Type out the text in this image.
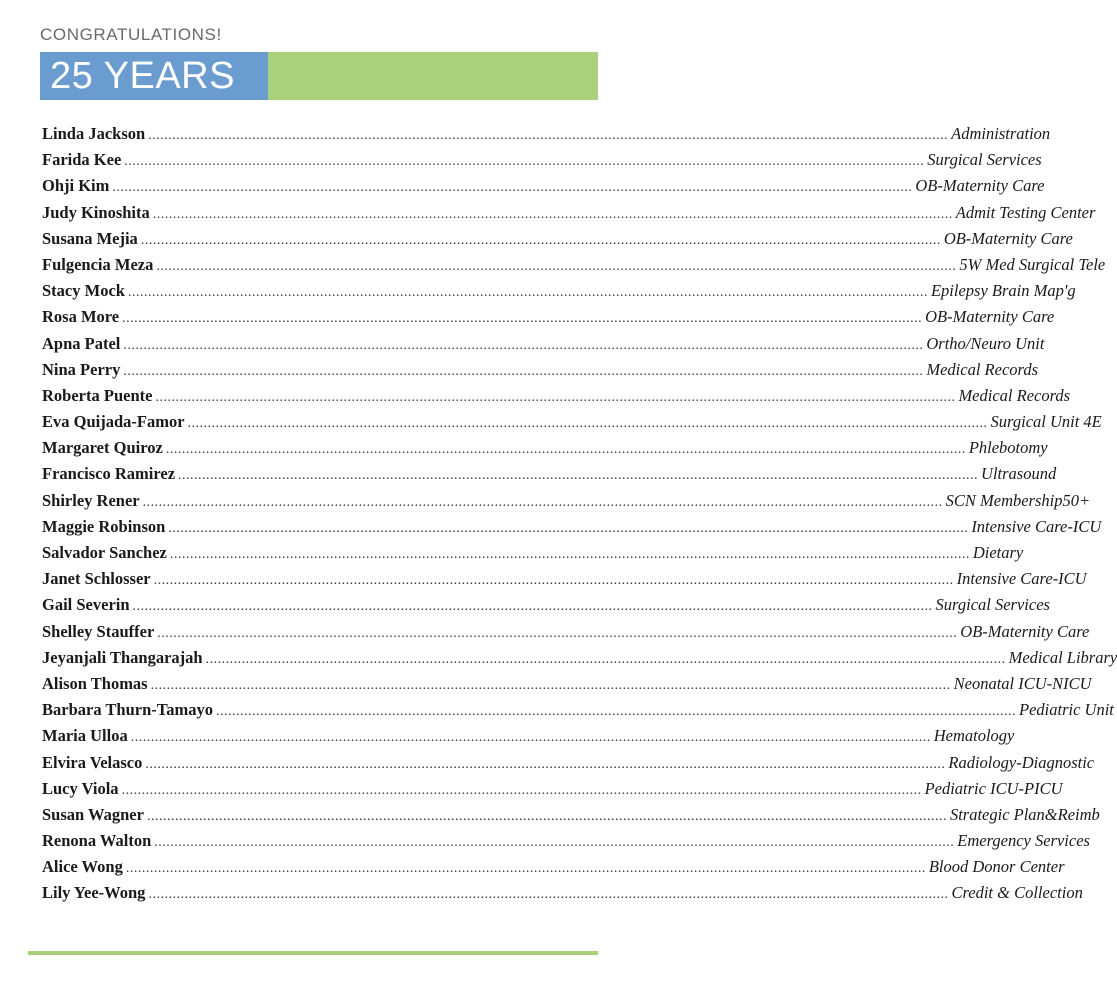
CONGRATULATIONS!
25 YEARS
Linda Jackson ........................................................................................................................................................................................................ Administration
Farida Kee ........................................................................................................................................................................................................ Surgical Services
Ohji Kim ........................................................................................................................................................................................................ OB-Maternity Care
Judy Kinoshita ........................................................................................................................................................................................................ Admit Testing Center
Susana Mejia ........................................................................................................................................................................................................ OB-Maternity Care
Fulgencia Meza ........................................................................................................................................................................................................ 5W Med Surgical Tele
Stacy Mock ........................................................................................................................................................................................................ Epilepsy Brain Map'g
Rosa More ........................................................................................................................................................................................................ OB-Maternity Care
Apna Patel ........................................................................................................................................................................................................ Ortho/Neuro Unit
Nina Perry ........................................................................................................................................................................................................ Medical Records
Roberta Puente ........................................................................................................................................................................................................ Medical Records
Eva Quijada-Famor ........................................................................................................................................................................................................ Surgical Unit 4E
Margaret Quiroz ........................................................................................................................................................................................................ Phlebotomy
Francisco Ramirez ........................................................................................................................................................................................................ Ultrasound
Shirley Rener ........................................................................................................................................................................................................ SCN Membership50+
Maggie Robinson ........................................................................................................................................................................................................ Intensive Care-ICU
Salvador Sanchez ........................................................................................................................................................................................................ Dietary
Janet Schlosser ........................................................................................................................................................................................................ Intensive Care-ICU
Gail Severin ........................................................................................................................................................................................................ Surgical Services
Shelley Stauffer ........................................................................................................................................................................................................ OB-Maternity Care
Jeyanjali Thangarajah ........................................................................................................................................................................................................ Medical Library
Alison Thomas ........................................................................................................................................................................................................ Neonatal ICU-NICU
Barbara Thurn-Tamayo ........................................................................................................................................................................................................ Pediatric Unit
Maria Ulloa ........................................................................................................................................................................................................ Hematology
Elvira Velasco ........................................................................................................................................................................................................ Radiology-Diagnostic
Lucy Viola ........................................................................................................................................................................................................ Pediatric ICU-PICU
Susan Wagner ........................................................................................................................................................................................................ Strategic Plan&Reimb
Renona Walton ........................................................................................................................................................................................................ Emergency Services
Alice Wong ........................................................................................................................................................................................................ Blood Donor Center
Lily Yee-Wong ........................................................................................................................................................................................................ Credit & Collection
